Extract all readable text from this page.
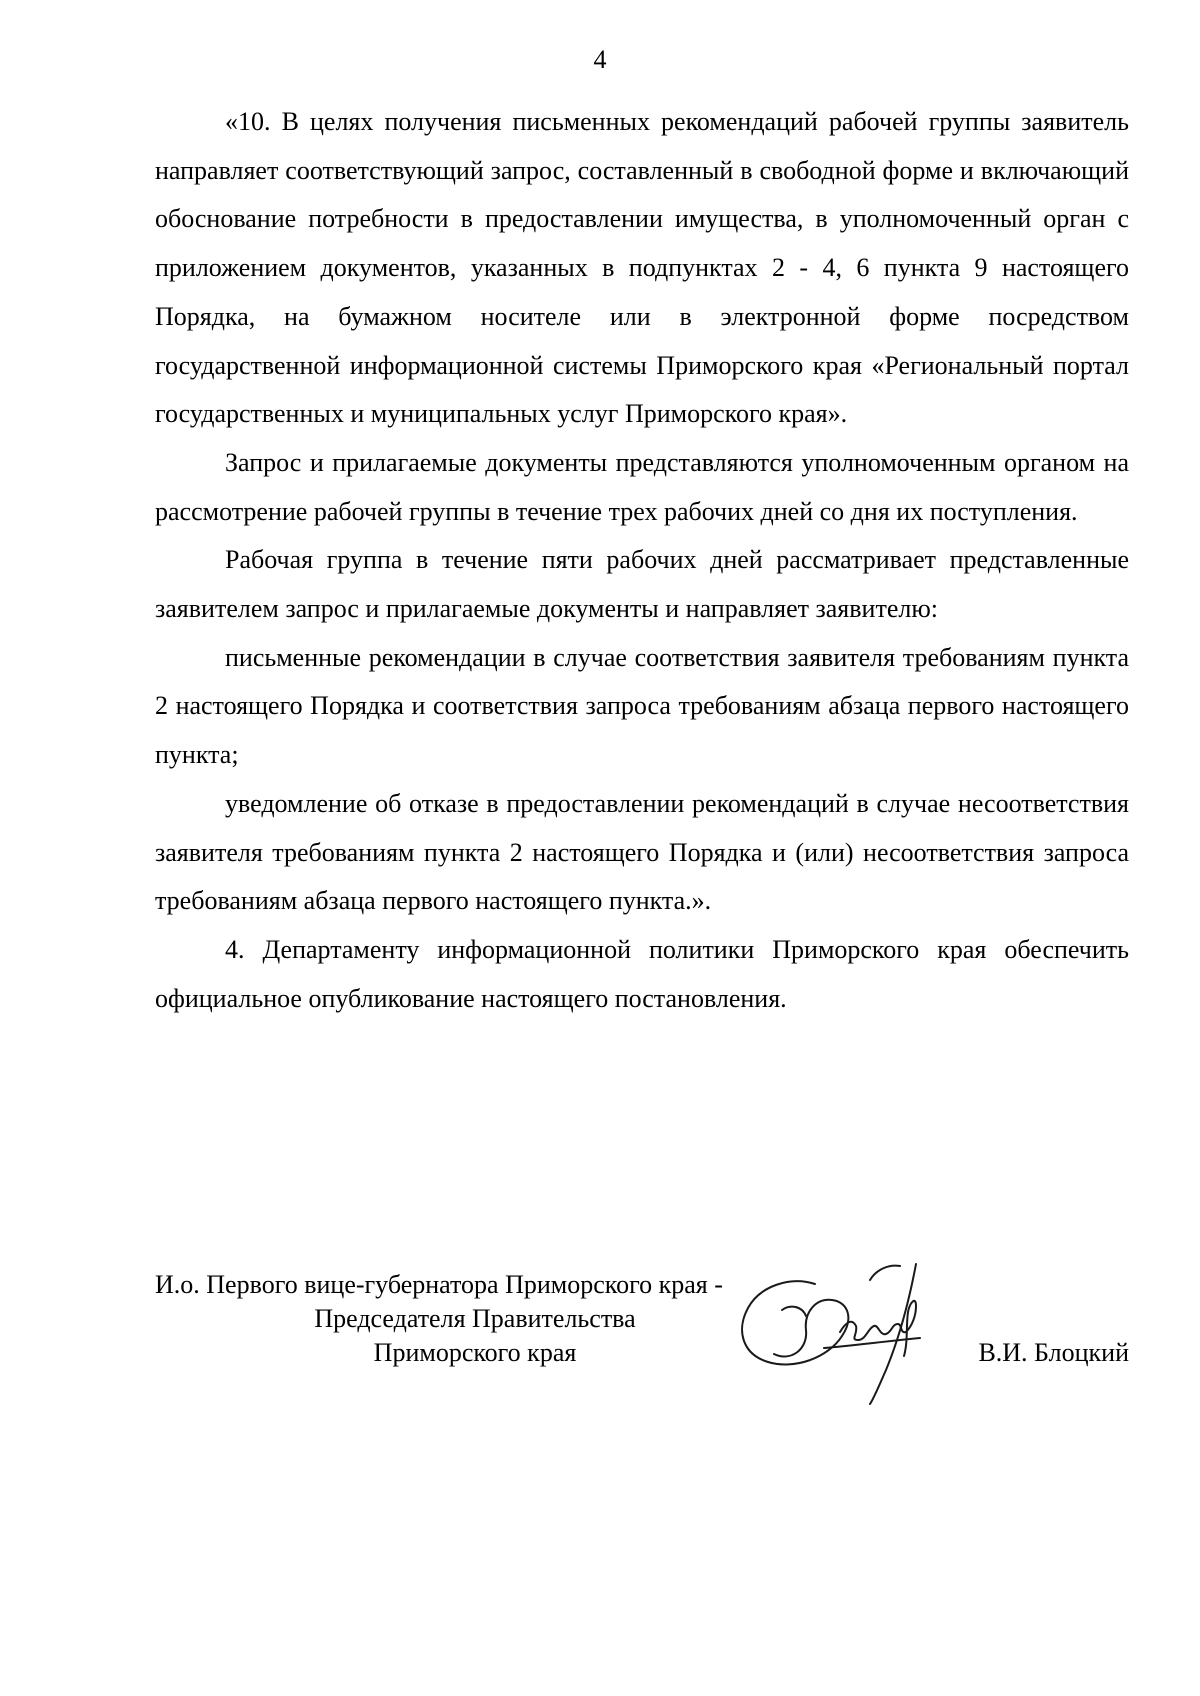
4

«10. В целях получения письменных рекомендаций рабочей группы заявитель направляет соответствующий запрос, составленный в свободной форме и включающий обоснование потребности в предоставлении имущества, в уполномоченный орган с приложением документов, указанных в подпунктах 2 - 4, 6 пункта 9 настоящего Порядка, на бумажном носителе или в электронной форме посредством государственной информационной системы Приморского края «Региональный портал государственных и муниципальных услуг Приморского края».

Запрос и прилагаемые документы представляются уполномоченным органом на рассмотрение рабочей группы в течение трех рабочих дней со дня их поступления.

Рабочая группа в течение пяти рабочих дней рассматривает представленные заявителем запрос и прилагаемые документы и направляет заявителю:

письменные рекомендации в случае соответствия заявителя требованиям пункта 2 настоящего Порядка и соответствия запроса требованиям абзаца первого настоящего пункта;

уведомление об отказе в предоставлении рекомендаций в случае несоответствия заявителя требованиям пункта 2 настоящего Порядка и (или) несоответствия запроса требованиям абзаца первого настоящего пункта.».

4. Департаменту информационной политики Приморского края обеспечить официальное опубликование настоящего постановления.

И.о. Первого вице-губернатора Приморского края -
Председателя Правительства
Приморского края	В.И. Блоцкий
